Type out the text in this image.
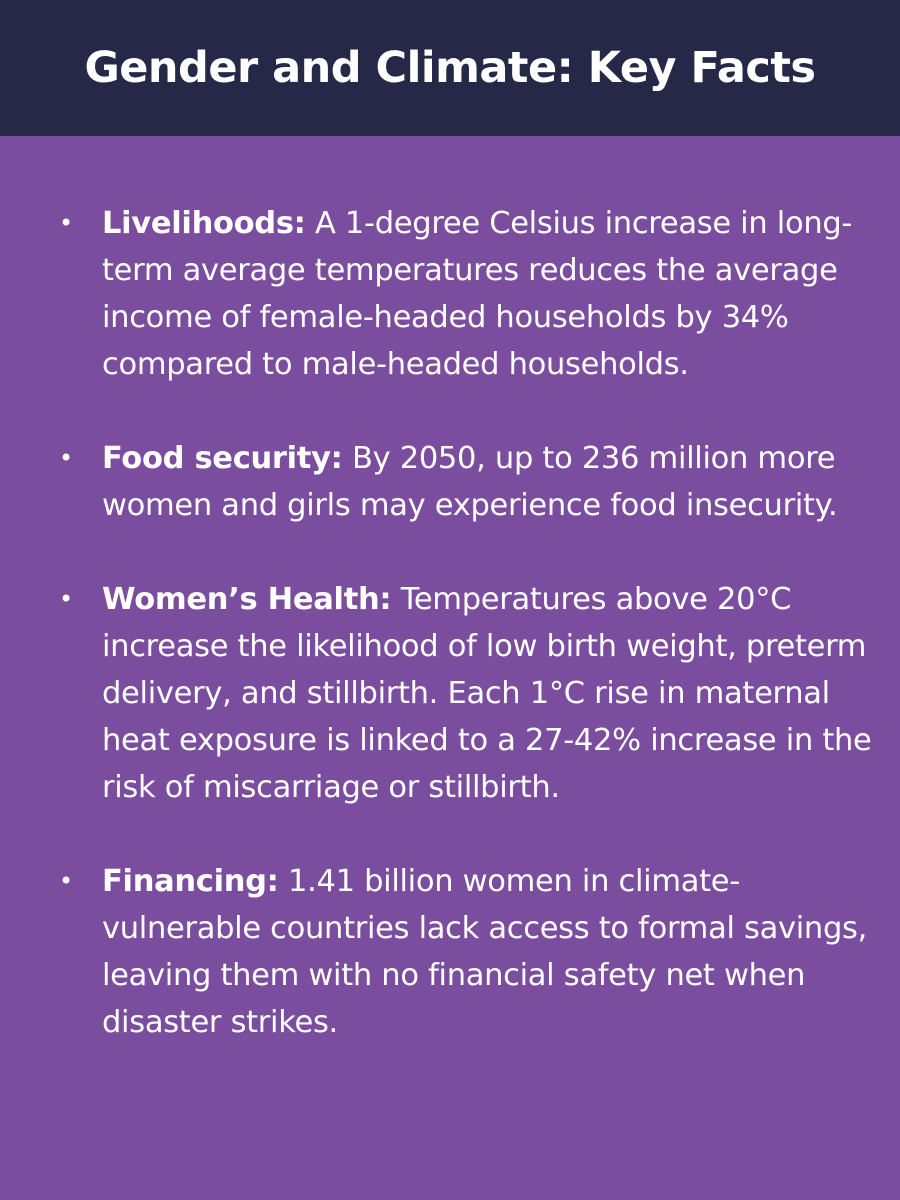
Gender and Climate: Key Facts
• Livelihoods: A 1-degree Celsius increase in long-term average temperatures reduces the average income of female-headed households by 34% compared to male-headed households.
• Food security: By 2050, up to 236 million more women and girls may experience food insecurity.
• Women’s Health: Temperatures above 20°C increase the likelihood of low birth weight, preterm delivery, and stillbirth. Each 1°C rise in maternal heat exposure is linked to a 27-42% increase in the risk of miscarriage or stillbirth.
• Financing: 1.41 billion women in climate-vulnerable countries lack access to formal savings, leaving them with no financial safety net when disaster strikes.
